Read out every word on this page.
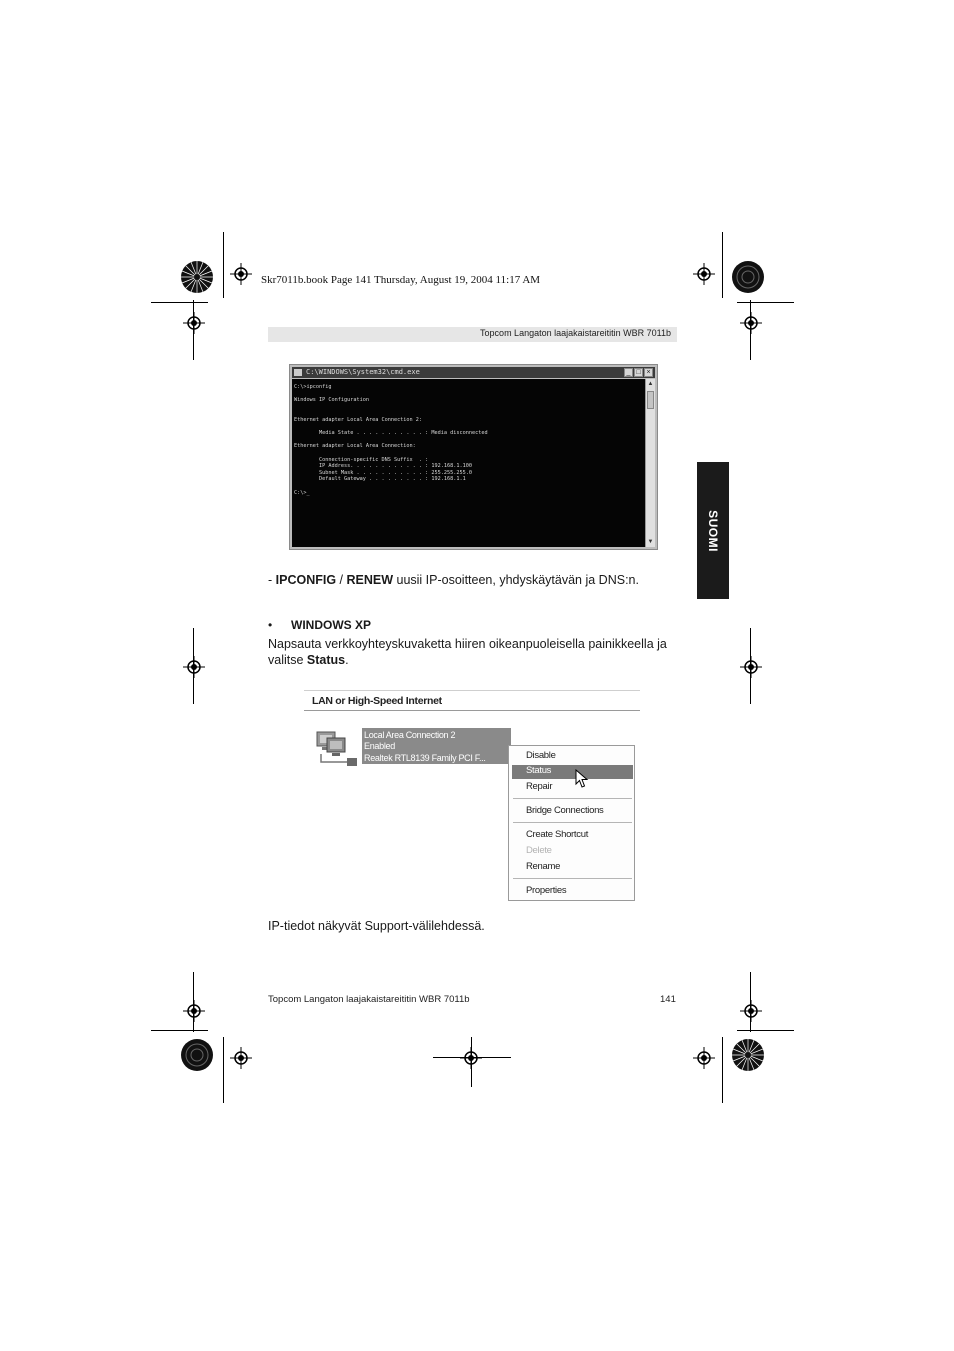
Skr7011b.book Page 141 Thursday, August 19, 2004 11:17 AM
Topcom Langaton laajakaistareititin WBR 7011b
SUOMI
C:\WINDOWS\System32\cmd.exe	_ □ ×
C:\>ipconfig

Windows IP Configuration

Ethernet adapter Local Area Connection 2:

Media State . . . . . . . . . . . : Media disconnected

Ethernet adapter Local Area Connection:

Connection-specific DNS Suffix  . :
IP Address. . . . . . . . . . . . : 192.168.1.100
Subnet Mask . . . . . . . . . . . : 255.255.255.0
Default Gateway . . . . . . . . . : 192.168.1.1

C:\>_
▲
▼
- IPCONFIG / RENEW uusii IP-osoitteen, yhdyskäytävän ja DNS:n.
• WINDOWS XP
Napsauta verkkoyhteyskuvaketta hiiren oikeanpuoleisella painikkeella ja
valitse Status.
LAN or High-Speed Internet
Local Area Connection 2
Enabled
Realtek RTL8139 Family PCI F...	Disable
Status
Repair
Bridge Connections
Create Shortcut
Delete
Rename
Properties
IP-tiedot näkyvät Support-välilehdessä.
Topcom Langaton laajakaistareititin WBR 7011b	141
